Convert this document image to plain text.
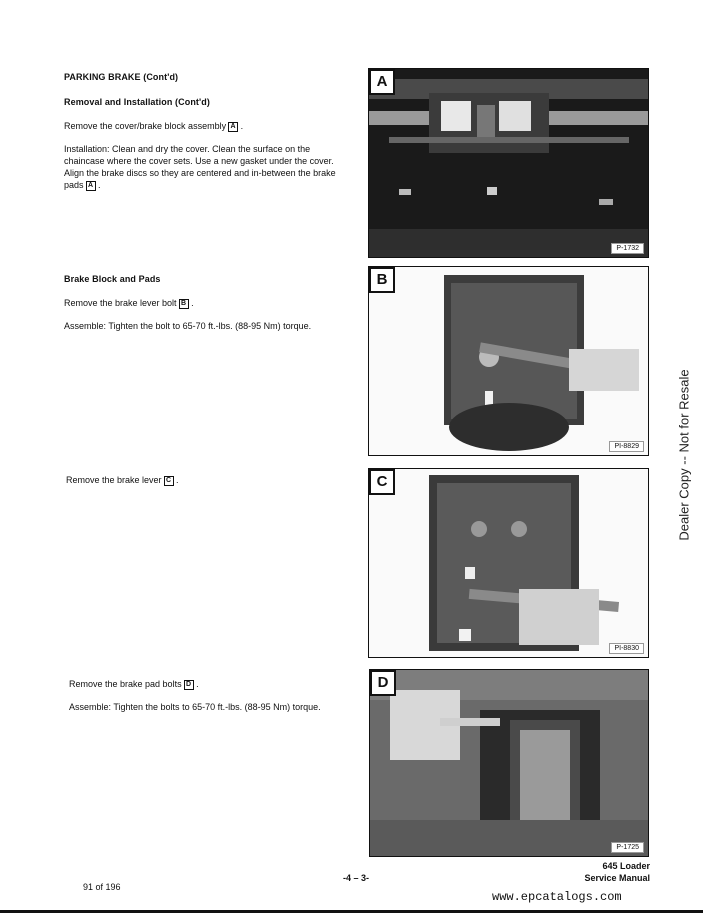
PARKING BRAKE (Cont'd)
Removal and Installation (Cont'd)
Remove the cover/brake block assembly A .
Installation: Clean and dry the cover. Clean the surface on the chaincase where the cover sets. Use a new gasket under the cover. Align the brake discs so they are centered and in-between the brake pads A .
Brake Block and Pads
Remove the brake lever bolt B .
Assemble: Tighten the bolt to 65-70 ft.-lbs. (88-95 Nm) torque.
Remove the brake lever C .
Remove the brake pad bolts D .
Assemble: Tighten the bolts to 65-70 ft.-lbs. (88-95 Nm) torque.
A
P-1732
B
PI-8829
C
PI-8830
D
P-1725
Dealer Copy -- Not for Resale
91 of 196
-4 – 3-
645 Loader
Service Manual
www.epcatalogs.com
